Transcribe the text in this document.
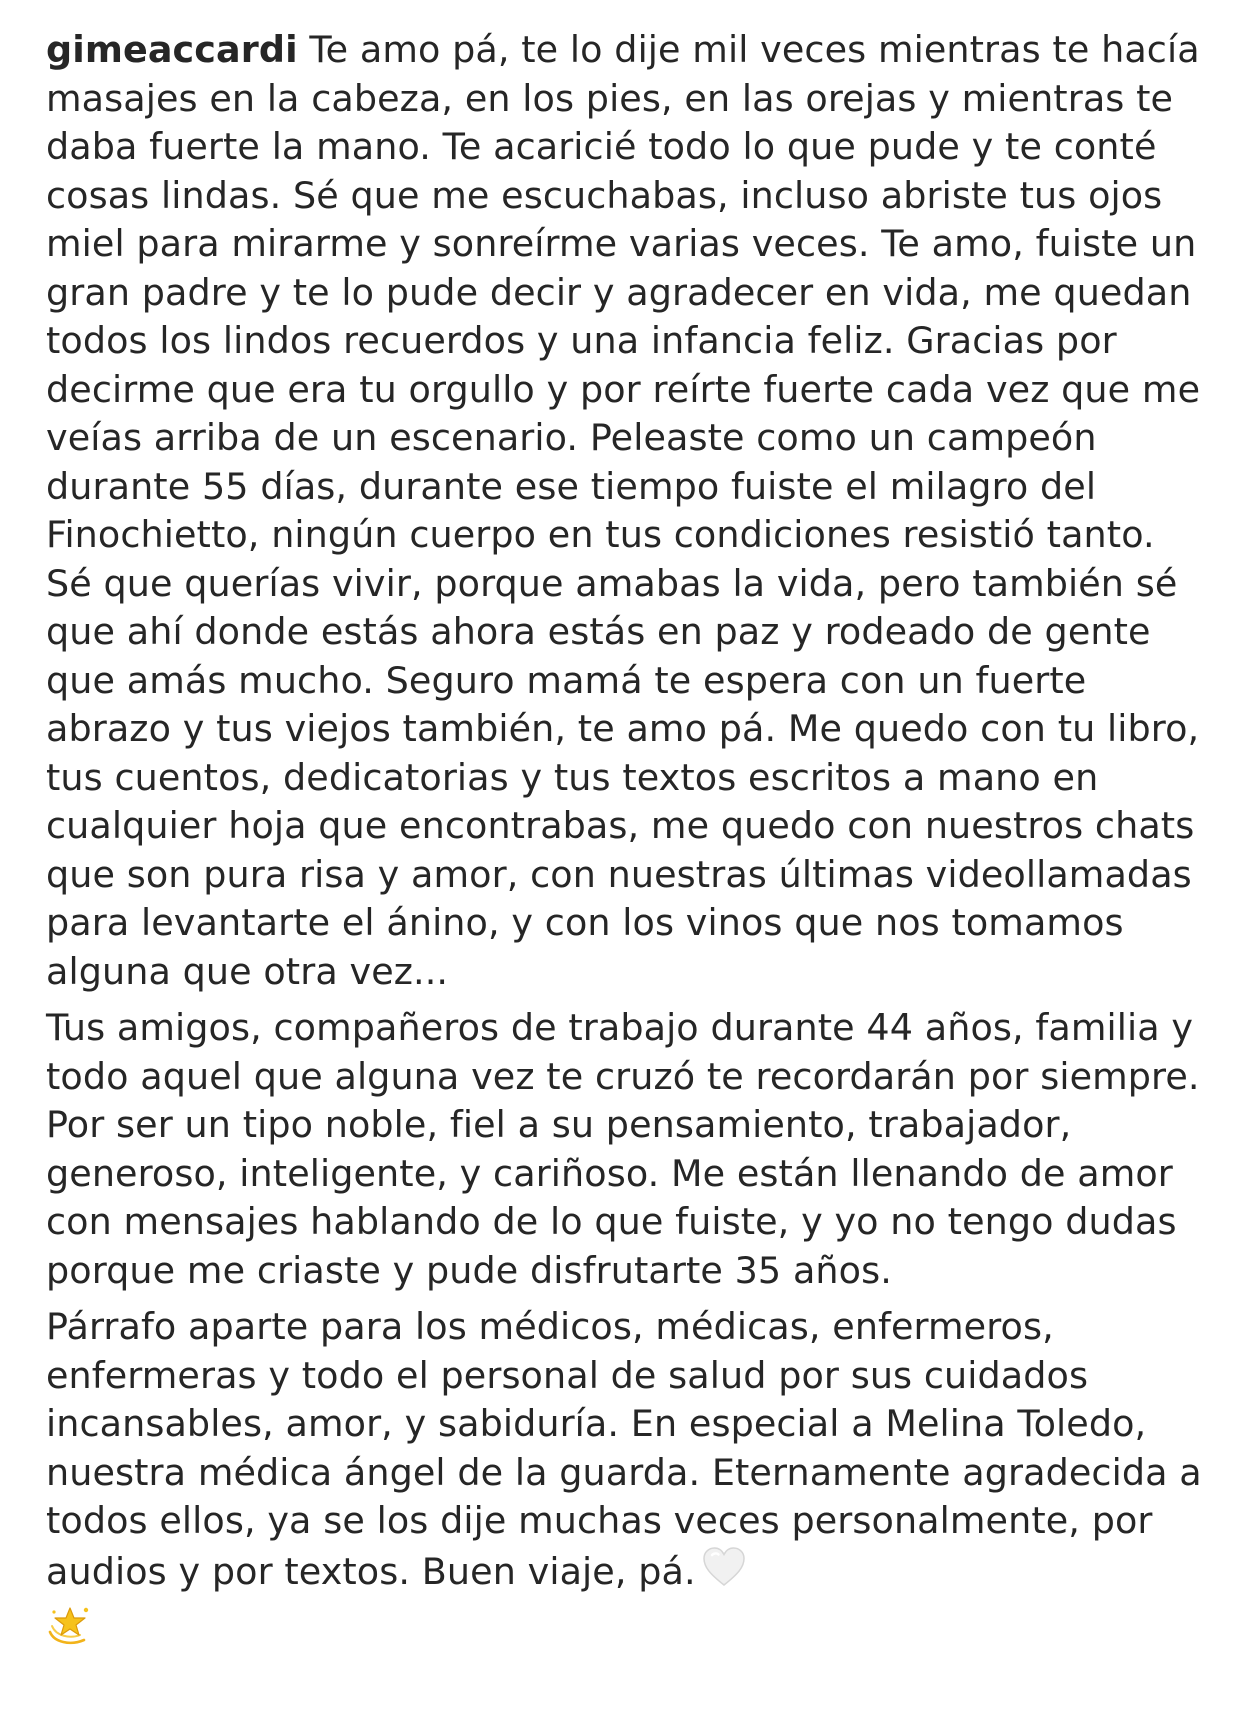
gimeaccardi Te amo pá, te lo dije mil veces mientras te hacía masajes en la cabeza, en los pies, en las orejas y mientras te daba fuerte la mano. Te acaricié todo lo que pude y te conté cosas lindas. Sé que me escuchabas, incluso abriste tus ojos miel para mirarme y sonreírme varias veces. Te amo, fuiste un gran padre y te lo pude decir y agradecer en vida, me quedan todos los lindos recuerdos y una infancia feliz. Gracias por decirme que era tu orgullo y por reírte fuerte cada vez que me veías arriba de un escenario. Peleaste como un campeón durante 55 días, durante ese tiempo fuiste el milagro del Finochietto, ningún cuerpo en tus condiciones resistió tanto. Sé que querías vivir, porque amabas la vida, pero también sé que ahí donde estás ahora estás en paz y rodeado de gente que amás mucho. Seguro mamá te espera con un fuerte abrazo y tus viejos también, te amo pá. Me quedo con tu libro, tus cuentos, dedicatorias y tus textos escritos a mano en cualquier hoja que encontrabas, me quedo con nuestros chats que son pura risa y amor, con nuestras últimas videollamadas para levantarte el ánino, y con los vinos que nos tomamos alguna que otra vez...

Tus amigos, compañeros de trabajo durante 44 años, familia y todo aquel que alguna vez te cruzó te recordarán por siempre. Por ser un tipo noble, fiel a su pensamiento, trabajador, generoso, inteligente, y cariñoso. Me están llenando de amor con mensajes hablando de lo que fuiste, y yo no tengo dudas porque me criaste y pude disfrutarte 35 años.

Párrafo aparte para los médicos, médicas, enfermeros, enfermeras y todo el personal de salud por sus cuidados incansables, amor, y sabiduría. En especial a Melina Toledo, nuestra médica ángel de la guarda. Eternamente agradecida a todos ellos, ya se los dije muchas veces personalmente, por audios y por textos. Buen viaje, pá.
